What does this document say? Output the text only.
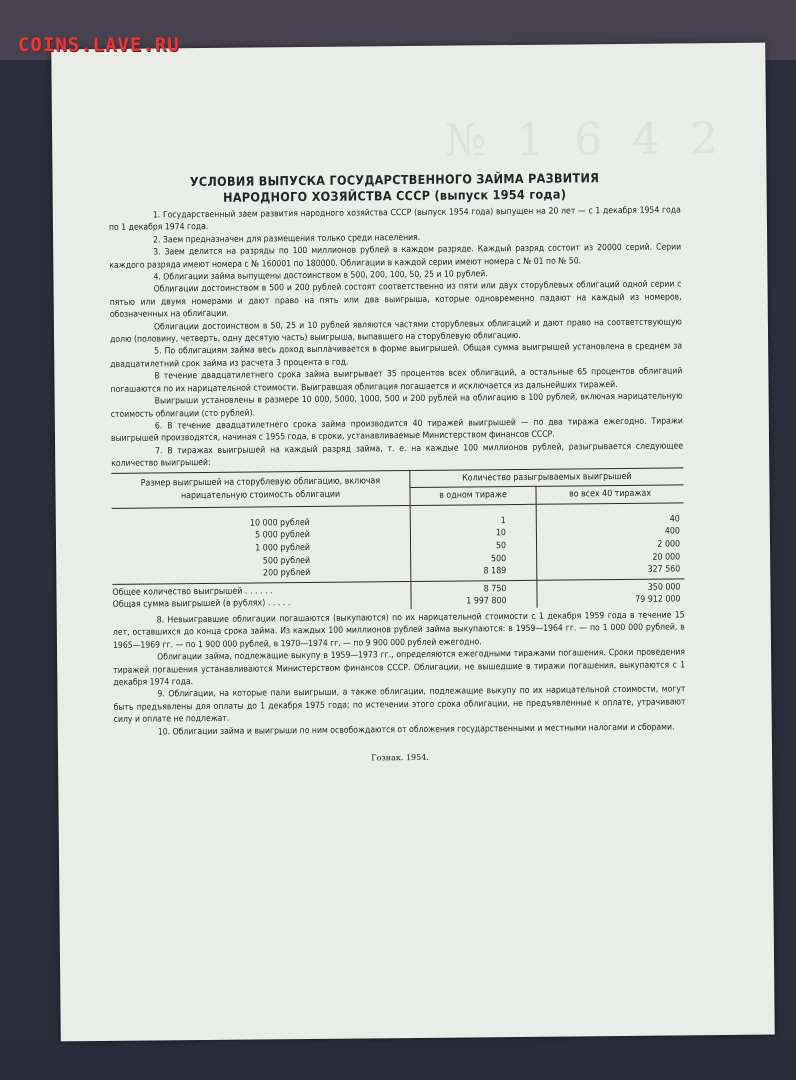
COINS.LAVE.RU
№ 1 6 4 2
УСЛОВИЯ ВЫПУСКА ГОСУДАРСТВЕННОГО ЗАЙМА РАЗВИТИЯ
НАРОДНОГО ХОЗЯЙСТВА СССР (выпуск 1954 года)

1. Государственный заем развития народного хозяйства СССР (выпуск 1954 года) выпущен на 20 лет — с 1 декабря 1954 года по 1 декабря 1974 года.

2. Заем предназначен для размещения только среди населения.

3. Заем делится на разряды по 100 миллионов рублей в каждом разряде. Каждый разряд состоит из 20000 серий. Серии каждого разряда имеют номера с № 160001 по 180000. Облигации в каждой серии имеют номера с № 01 по № 50.

4. Облигации займа выпущены достоинством в 500, 200, 100, 50, 25 и 10 рублей.

Облигации достоинством в 500 и 200 рублей состоят соответственно из пяти или двух сторублевых облигаций одной серии с пятью или двумя номерами и дают право на пять или два выигрыша, которые одновременно падают на каждый из номеров, обозначенных на облигации.

Облигации достоинством в 50, 25 и 10 рублей являются частями сторублевых облигаций и дают право на соответствующую долю (половину, четверть, одну десятую часть) выигрыша, выпавшего на сторублевую облигацию.

5. По облигациям займа весь доход выплачивается в форме выигрышей. Общая сумма выигрышей установлена в среднем за двадцатилетний срок займа из расчета 3 процента в год.

В течение двадцатилетнего срока займа выигрывает 35 процентов всех облигаций, а остальные 65 процентов облигаций погашаются по их нарицательной стоимости. Выигравшая облигация погашается и исключается из дальнейших тиражей.

Выигрыши установлены в размере 10 000, 5000, 1000, 500 и 200 рублей на облигацию в 100 рублей, включая нарицательную стоимость облигации (сто рублей).

6. В течение двадцатилетнего срока займа производится 40 тиражей выигрышей — по два тиража ежегодно. Тиражи выигрышей производятся, начиная с 1955 года, в сроки, устанавливаемые Министерством финансов СССР.

7. В тиражах выигрышей на каждый разряд займа, т. е. на каждые 100 миллионов рублей, разыгрывается следующее количество выигрышей:

Размер выигрышей на сторублевую облигацию, включая нарицательную стоимость облигации	Количество разыгрываемых выигрышей	
	в одном тираже	во всех 40 тиражах
10 000 рублей	1	40
5 000 рублей	10	400
1 000 рублей	50	2 000
500 рублей	500	20 000
200 рублей	8 189	327 560
Общее количество выигрышей . . . . . .	8 750	350 000
Общая сумма выигрышей (в рублях) . . . . .	1 997 800	79 912 000

8. Невыигравшие облигации погашаются (выкупаются) по их нарицательной стоимости с 1 декабря 1959 года в течение 15 лет, оставшихся до конца срока займа. Из каждых 100 миллионов рублей займа выкупаются: в 1959—1964 гг. — по 1 000 000 рублей, в 1965—1969 гг. — по 1 900 000 рублей, в 1970—1974 гг. — по 9 900 000 рублей ежегодно.

Облигации займа, подлежащие выкупу в 1959—1973 гг., определяются ежегодными тиражами погашения. Сроки проведения тиражей погашения устанавливаются Министерством финансов СССР. Облигации, не вышедшие в тиражи погашения, выкупаются с 1 декабря 1974 года.

9. Облигации, на которые пали выигрыши, а также облигации, подлежащие выкупу по их нарицательной стоимости, могут быть предъявлены для оплаты до 1 декабря 1975 года; по истечении этого срока облигации, не предъявленные к оплате, утрачивают силу и оплате не подлежат.

10. Облигации займа и выигрыши по ним освобождаются от обложения государственными и местными налогами и сборами.

Гознак. 1954.
